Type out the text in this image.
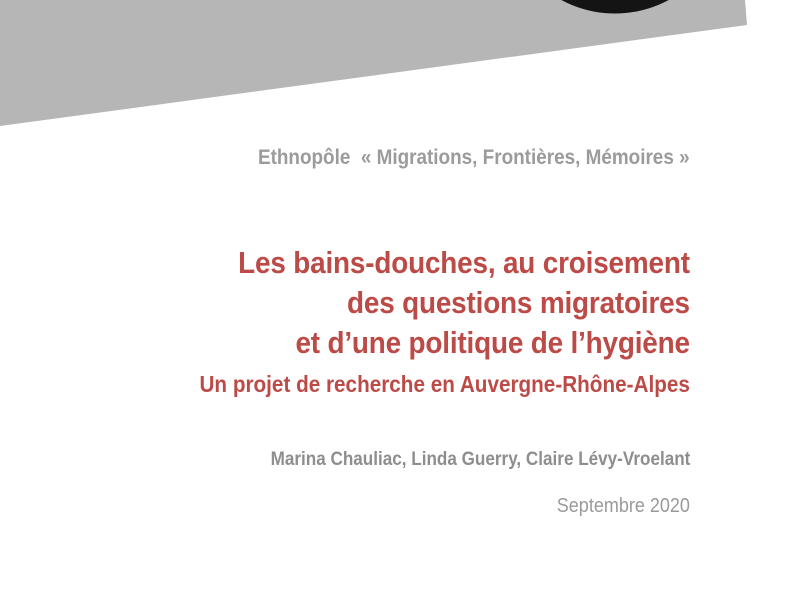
Ethnopôle  « Migrations, Frontières, Mémoires »
Les bains-douches, au croisement
des questions migratoires
et d’une politique de l’hygiène
Un projet de recherche en Auvergne-Rhône-Alpes
Marina Chauliac, Linda Guerry, Claire Lévy-Vroelant
Septembre 2020
